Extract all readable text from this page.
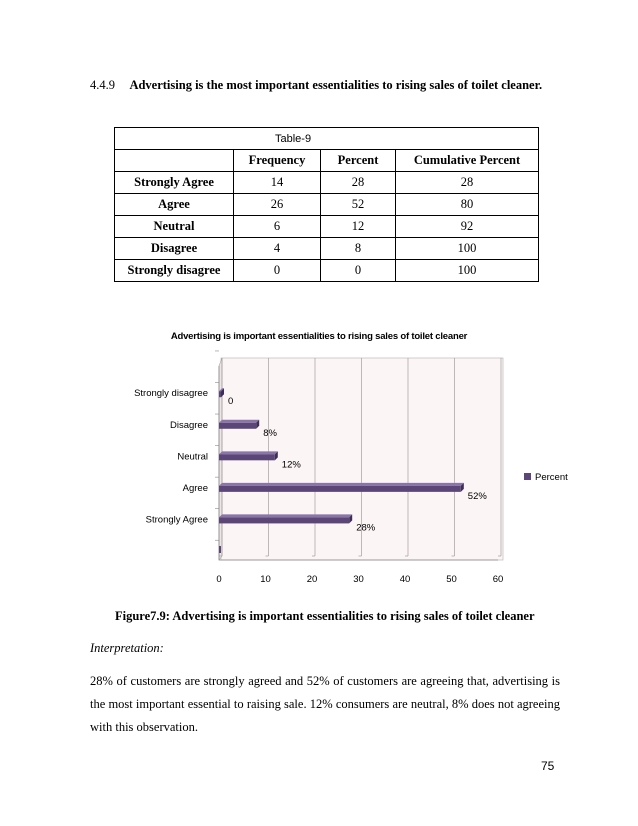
4.4.9 Advertising is the most important essentialities to rising sales of toilet cleaner.
Table-9			
	Frequency	Percent	Cumulative Percent
Strongly Agree	14	28	28
Agree	26	52	80
Neutral	6	12	92
Disagree	4	8	100
Strongly disagree	0	0	100
Advertising is important essentialities to rising sales of toilet cleaner
0	10	20	30	40	50	60
Strongly Agree
28%
Agree
52%
Neutral
12%
Disagree
8%
Strongly disagree
0
Percent
Figure7.9: Advertising is important essentialities to rising sales of toilet cleaner
Interpretation:
28% of customers are strongly agreed and 52% of customers are agreeing that, advertising is the most important essential to raising sale. 12% consumers are neutral, 8% does not agreeing with this observation.
75
